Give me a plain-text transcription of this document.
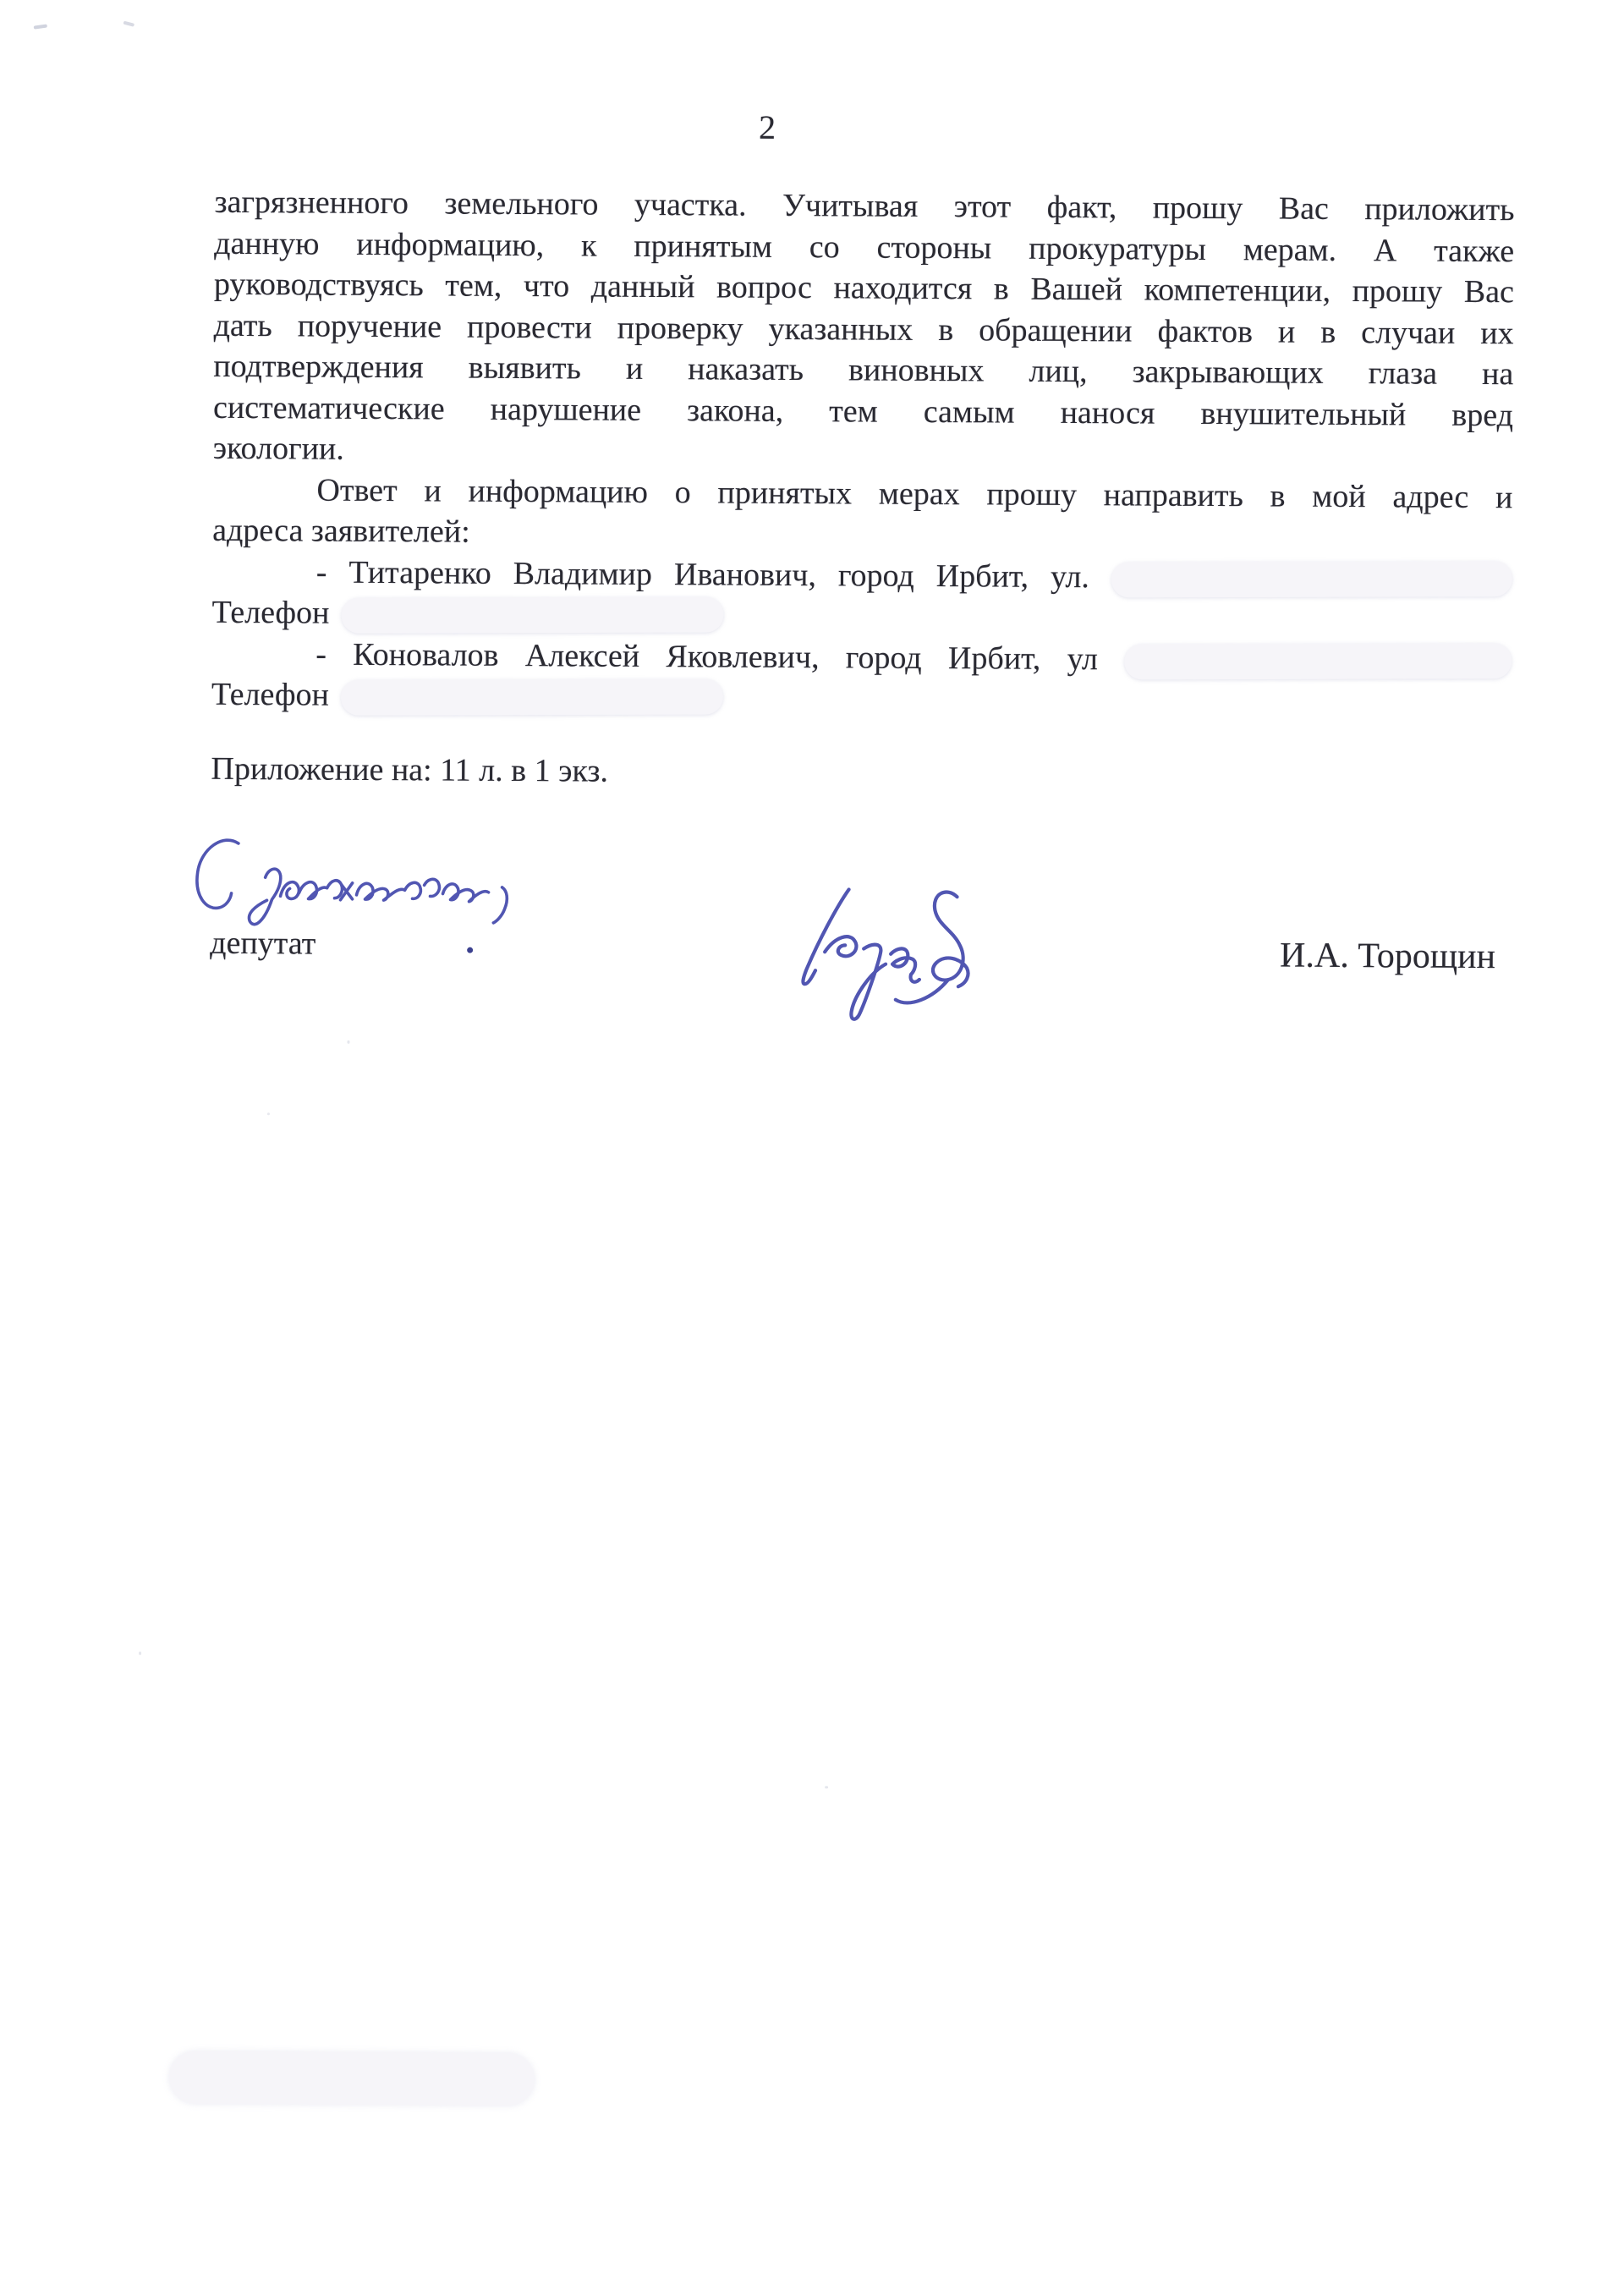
2
загрязненного земельного участка. Учитывая этот факт, прошу Вас приложить
данную информацию, к принятым со стороны прокуратуры мерам. А также
руководствуясь тем, что данный вопрос находится в Вашей компетенции, прошу Вас
дать поручение провести проверку указанных в обращении фактов и в случаи их
подтверждения выявить и наказать виновных лиц, закрывающих глаза на
систематические нарушение закона, тем самым нанося внушительный вред
экологии.
Ответ и информацию о принятых мерах прошу направить в мой адрес и
адреса заявителей:
- Титаренко Владимир Иванович, город Ирбит, ул.
Телефон
- Коновалов Алексей Яковлевич, город Ирбит, ул
Телефон
Приложение на: 11 л. в 1 экз.
депутат	И.А. Торощин
